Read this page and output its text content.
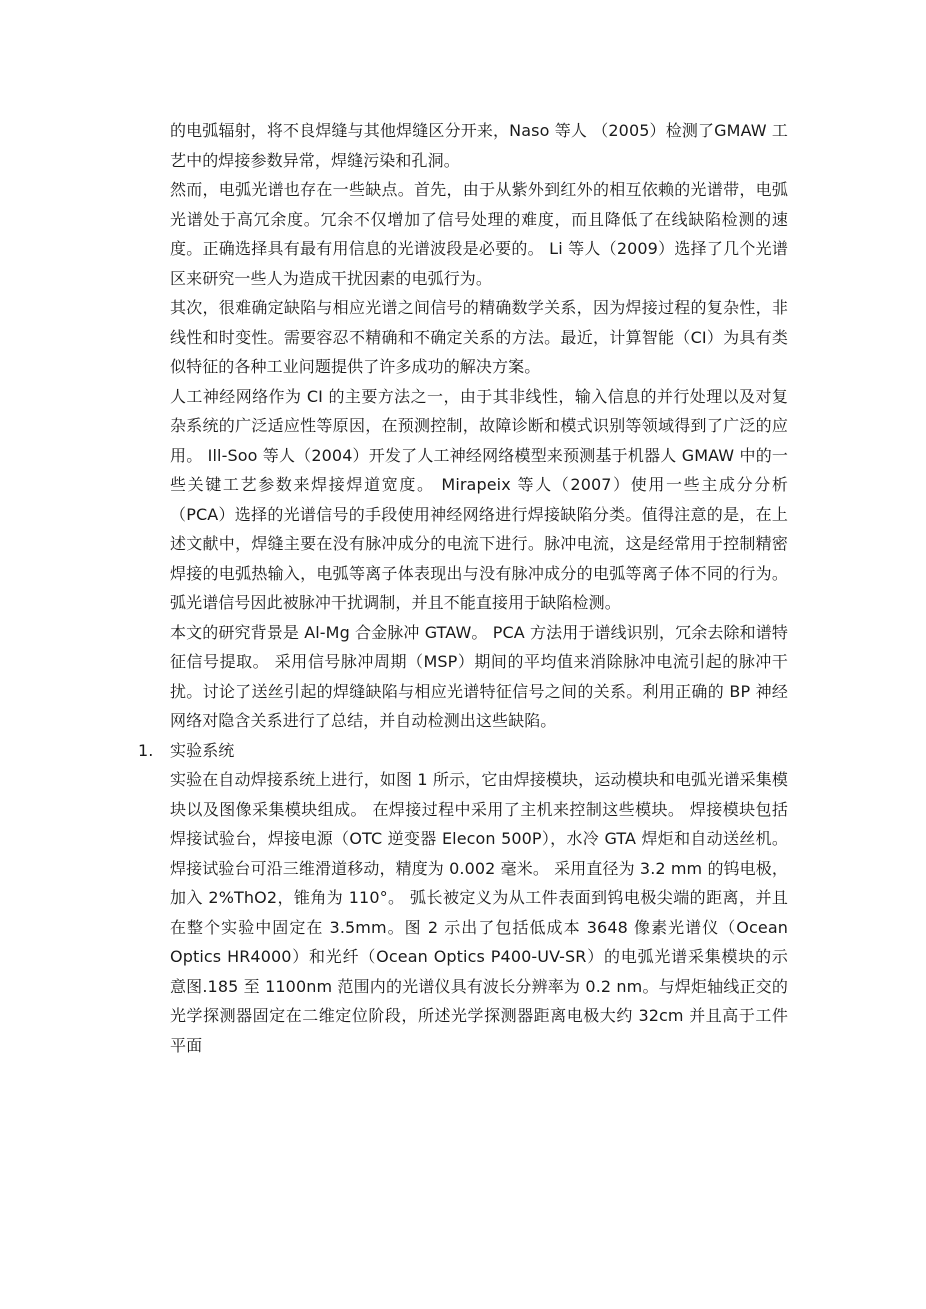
的电弧辐射，将不良焊缝与其他焊缝区分开来，Naso 等人 （2005）检测了GMAW 工艺中的焊接参数异常，焊缝污染和孔洞。

然而，电弧光谱也存在一些缺点。首先，由于从紫外到红外的相互依赖的光谱带，电弧光谱处于高冗余度。冗余不仅增加了信号处理的难度，而且降低了在线缺陷检测的速度。正确选择具有最有用信息的光谱波段是必要的。 Li 等人（2009）选择了几个光谱区来研究一些人为造成干扰因素的电弧行为。

其次，很难确定缺陷与相应光谱之间信号的精确数学关系，因为焊接过程的复杂性，非线性和时变性。需要容忍不精确和不确定关系的方法。最近，计算智能（CI）为具有类似特征的各种工业问题提供了许多成功的解决方案。

人工神经网络作为 CI 的主要方法之一，由于其非线性，输入信息的并行处理以及对复杂系统的广泛适应性等原因，在预测控制，故障诊断和模式识别等领域得到了广泛的应用。 Ill-Soo 等人（2004）开发了人工神经网络模型来预测基于机器人 GMAW 中的一些关键工艺参数来焊接焊道宽度。 Mirapeix 等人（2007）使用一些主成分分析（PCA）选择的光谱信号的手段使用神经网络进行焊接缺陷分类。值得注意的是，在上述文献中，焊缝主要在没有脉冲成分的电流下进行。脉冲电流，这是经常用于控制精密焊接的电弧热输入，电弧等离子体表现出与没有脉冲成分的电弧等离子体不同的行为。弧光谱信号因此被脉冲干扰调制，并且不能直接用于缺陷检测。

本文的研究背景是 Al-Mg 合金脉冲 GTAW。 PCA 方法用于谱线识别，冗余去除和谱特征信号提取。 采用信号脉冲周期（MSP）期间的平均值来消除脉冲电流引起的脉冲干扰。讨论了送丝引起的焊缝缺陷与相应光谱特征信号之间的关系。利用正确的 BP 神经网络对隐含关系进行了总结，并自动检测出这些缺陷。

1. 实验系统

实验在自动焊接系统上进行，如图 1 所示，它由焊接模块，运动模块和电弧光谱采集模块以及图像采集模块组成。 在焊接过程中采用了主机来控制这些模块。 焊接模块包括焊接试验台，焊接电源（OTC 逆变器 Elecon 500P），水冷 GTA 焊炬和自动送丝机。 焊接试验台可沿三维滑道移动，精度为 0.002 毫米。 采用直径为 3.2 mm 的钨电极，加入 2%ThO2，锥角为 110°。 弧长被定义为从工件表面到钨电极尖端的距离，并且在整个实验中固定在 3.5mm。图 2 示出了包括低成本 3648 像素光谱仪（Ocean Optics HR4000）和光纤（Ocean Optics P400-UV-SR）的电弧光谱采集模块的示意图.185 至 1100nm 范围内的光谱仪具有波长分辨率为 0.2 nm。与焊炬轴线正交的光学探测器固定在二维定位阶段，所述光学探测器距离电极大约 32cm 并且高于工件平面
